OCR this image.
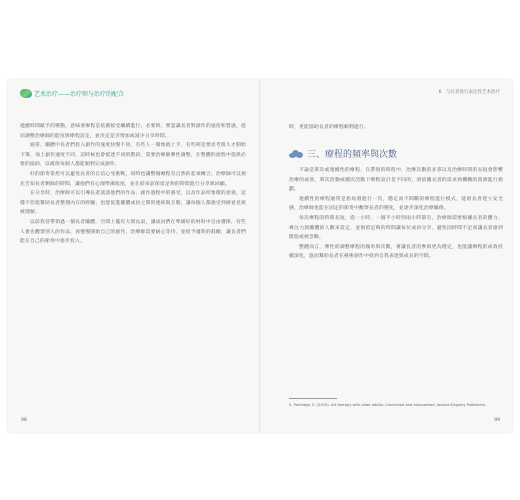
艺术治疗——治疗师与治疗的配合

適應時間賦予的變動，意味著療程是依循接受繼續進行，必要時，要認識長者對創作的速度和質感，從而調整治療師的能度與療程設定，並決定是否增加或減少分享時間。

通常，團體中長者們投入創作的速度快慢不同，有些人一開始就上手，有些則是要思考很久才開始下筆，加上創作速度不同，這時候也會抵達不同的階段，需要治療師彈性調整，在整體的流程中提供必要的協助，以確保每個人都能順利完成創作。

好的節奏掌控可以避免長者的自信心受挑戰，同時也讓整個療程有自然的起承轉合。治療師可以預先告知長者剩餘的時間，讓他們有心理準備收尾，並在結束前保留足夠的時間進行分享與回顧。

在分享時，治療師可以引導長者談談他們的作品、創作過程中的感受，以及作品所象徵的意義，這樣不但能幫助長者整理內在的經驗，也能促進團體成員之間的連結與互動，讓每個人都感受到被看見與被理解。

以前我曾帶領過一個長者團體，空間上擺有大間長桌，讓成員們在準備好的材料中自由選擇，有些人會先觀察別人的作品，再慢慢開始自己的創作，治療師需要耐心等待，並給予適時的鼓勵，讓長者們能在自己的節奏中逐步投入。

98
6　与长者进行表达性艺术治疗

時，更能協助長者的療程順利進行。

三、療程的頻率與次數

不論是單次或連續性的療程，在帶領的時程中，治療次數的多寡以及治療時間的長短會影響治療的成效，單次活動或續次活動下療程設計是不同的，須依據長者的需求與機構的資源進行規劃。

連續性的療程通常是指每週進行一次，穩定而不間斷的療程進行模式，能給長者建立安全感，治療師也能在固定的節奏中觀察長者的變化，並逐步深化治療關係。

每次療程的時間長短，從一小時、一個半小時到兩小時都有，治療師需要根據長者的體力、專注力與團體的人數來設定，並預留足夠的時間讓每位成員分享，避免因時間不足而讓長者感到匮促或被忽略。

整體而言，彈性的調整療程的頻率與次數，會讓長者的參與更為穩定，也能讓療程的成效持續深化，進而幫助長者在藝術創作中找到自我表達與成長的空間。

5. Partridge, E. (2019). Art therapy with older adults: Connected and empowered. Jessica Kingsley Publishers.
99
